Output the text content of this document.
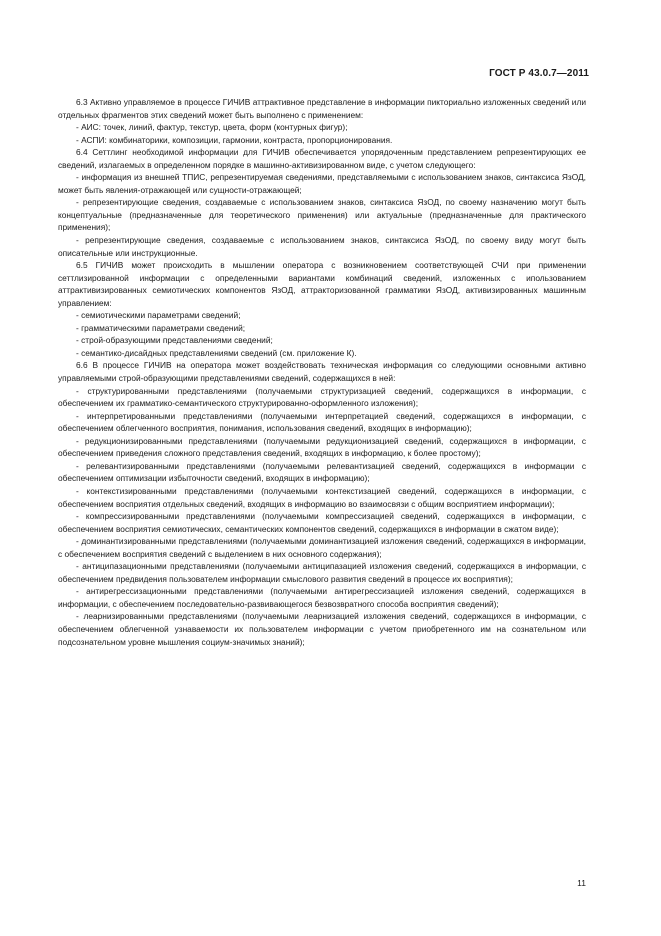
ГОСТ Р 43.0.7—2011

6.3 Активно управляемое в процессе ГИЧИВ аттрактивное представление в информации пикториально изложенных сведений или отдельных фрагментов этих сведений может быть выполнено с применением:

- АИС: точек, линий, фактур, текстур, цвета, форм (контурных фигур);

- АСПИ: комбинаторики, композиции, гармонии, контраста, пропорционирования.

6.4 Сеттлинг необходимой информации для ГИЧИВ обеспечивается упорядоченным представлением репрезентирующих ее сведений, излагаемых в определенном порядке в машинно-активизированном виде, с учетом следующего:

- информация из внешней ТПИС, репрезентируемая сведениями, представляемыми с использованием знаков, синтаксиса ЯзОД, может быть явления-отражающей или сущности-отражающей;

- репрезентирующие сведения, создаваемые с использованием знаков, синтаксиса ЯзОД, по своему назначению могут быть концептуальные (предназначенные для теоретического применения) или актуальные (предназначенные для практического применения);

- репрезентирующие сведения, создаваемые с использованием знаков, синтаксиса ЯзОД, по своему виду могут быть описательные или инструкционные.

6.5 ГИЧИВ может происходить в мышлении оператора с возникновением соответствующей СЧИ при применении сеттлизированной информации с определенными вариантами комбинаций сведений, изложенных с ипользованием аттрактивизированных семиотических компонентов ЯзОД, аттракторизованной грамматики ЯзОД, активизированных машинным управлением:

- семиотическими параметрами сведений;

- грамматическими параметрами сведений;

- строй-образующими представлениями сведений;

- семантико-дисайдных представлениями сведений (см. приложение К).

6.6 В процессе ГИЧИВ на оператора может воздействовать техническая информация со следующими основными активно управляемыми строй-образующими представлениями сведений, содержащихся в ней:

- структурированными представлениями (получаемыми структуризацией сведений, содержащихся в информации, с обеспечением их грамматико-семантического структурированно-оформленного изложения);

- интерпретированными представлениями (получаемыми интерпретацией сведений, содержащихся в информации, с обеспечением облегченного восприятия, понимания, использования сведений, входящих в информацию);

- редукционизированными представлениями (получаемыми редукционизацией сведений, содержащихся в информации, с обеспечением приведения сложного представления сведений, входящих в информацию, к более простому);

- релевантизированными представлениями (получаемыми релевантизацией сведений, содержащихся в информации с обеспечением оптимизации избыточности сведений, входящих в информацию);

- контекстизированными представлениями (получаемыми контекстизацией сведений, содержащихся в информации, с обеспечением восприятия отдельных сведений, входящих в информацию во взаимосвязи с общим восприятием информации);

- компрессизированными представлениями (получаемыми компрессизацией сведений, содержащихся в информации, с обеспечением восприятия семиотических, семантических компонентов сведений, содержащихся в информации в сжатом виде);

- доминантизированными представлениями (получаемыми доминантизацией изложения сведений, содержащихся в информации, с обеспечением восприятия сведений с выделением в них основного содержания);

- антиципазационными представлениями (получаемыми антиципазацией изложения сведений, содержащихся в информации, с обеспечением предвидения пользователем информации смыслового развития сведений в процессе их восприятия);

- антирегрессизационными представлениями (получаемыми антирегрессизацией изложения сведений, содержащихся в информации, с обеспечением последовательно-развивающегося безвозвратного способа восприятия сведений);

- леарнизированными представлениями (получаемыми леарнизацией изложения сведений, содержащихся в информации, с обеспечением облегченной узнаваемости их пользователем информации с учетом приобретенного им на сознательном или подсознательном уровне мышления социум-значимых знаний);

11
